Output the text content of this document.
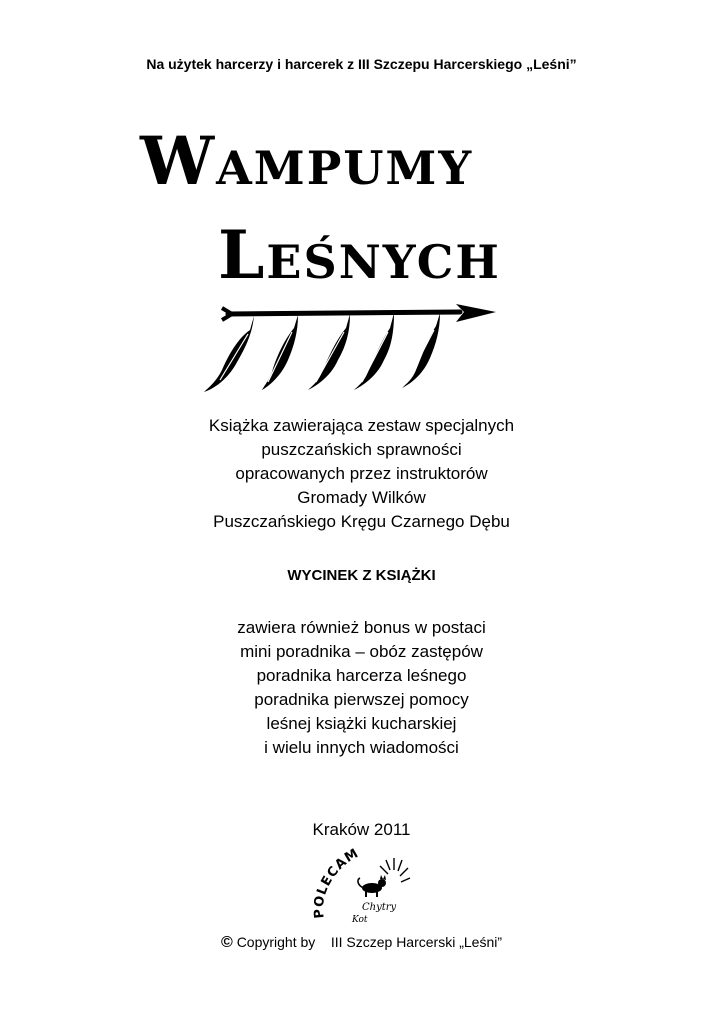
Na użytek harcerzy i harcerek z III Szczepu Harcerskiego „Leśni”
Wampumy
Leśnych
Książka zawierająca zestaw specjalnych
puszczańskich sprawności
opracowanych przez instruktorów
Gromady Wilków
Puszczańskiego Kręgu Czarnego Dębu
WYCINEK Z KSIĄŻKI
zawiera również bonus w postaci
mini poradnika – obóz zastępów
poradnika harcerza leśnego
poradnika pierwszej pomocy
leśnej książki kucharskiej
i wielu innych wiadomości
Kraków 2011
POLECAM
Chytry
Kot
© Copyright by    III Szczep Harcerski „Leśni”
